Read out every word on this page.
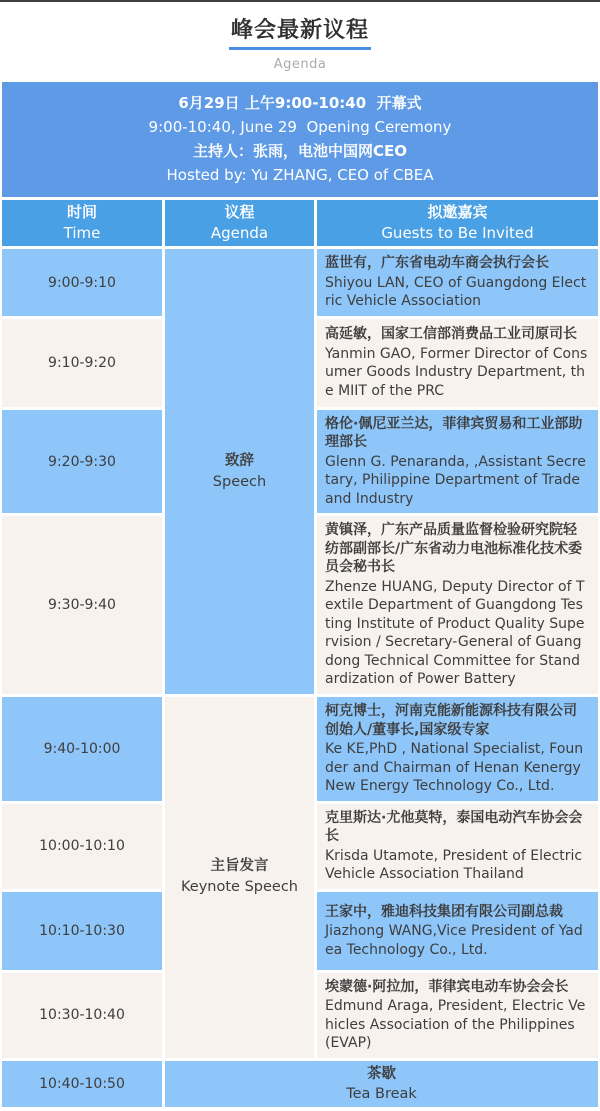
峰会最新议程
Agenda
6月29日 上午9:00-10:40  开幕式
9:00-10:40, June 29  Opening Ceremony
主持人：张雨，电池中国网CEO
Hosted by: Yu ZHANG, CEO of CBEA
时间
Time
议程
Agenda
拟邀嘉宾
Guests to Be Invited
致辞
Speech
主旨发言
Keynote Speech
9:00-9:10
蓝世有，广东省电动车商会执行会长
Shiyou LAN, CEO of Guangdong Electric Vehicle Association
9:10-9:20
高延敏，国家工信部消费品工业司原司长
Yanmin GAO, Former Director of Consumer Goods Industry Department, the MIIT of the PRC
9:20-9:30
格伦·佩尼亚兰达，菲律宾贸易和工业部助理部长
Glenn G. Penaranda, ,Assistant Secretary, Philippine Department of Trade and Industry
9:30-9:40
黄镇泽，广东产品质量监督检验研究院轻纺部副部长/广东省动力电池标准化技术委员会秘书长
Zhenze HUANG, Deputy Director of Textile Department of Guangdong Testing Institute of Product Quality Supervision / Secretary-General of Guangdong Technical Committee for Standardization of Power Battery
9:40-10:00
柯克博士，河南克能新能源科技有限公司创始人/董事长,国家级专家
Ke KE,PhD , National Specialist, Founder and Chairman of Henan Kenergy New Energy Technology Co., Ltd.
10:00-10:10
克里斯达·尤他莫特，泰国电动汽车协会会长
Krisda Utamote, President of Electric Vehicle Association Thailand
10:10-10:30
王家中，雅迪科技集团有限公司副总裁
Jiazhong WANG,Vice President of Yadea Technology Co., Ltd.
10:30-10:40
埃蒙德·阿拉加，菲律宾电动车协会会长
Edmund Araga, President, Electric Vehicles Association of the Philippines (EVAP)
10:40-10:50
茶歇
Tea Break
